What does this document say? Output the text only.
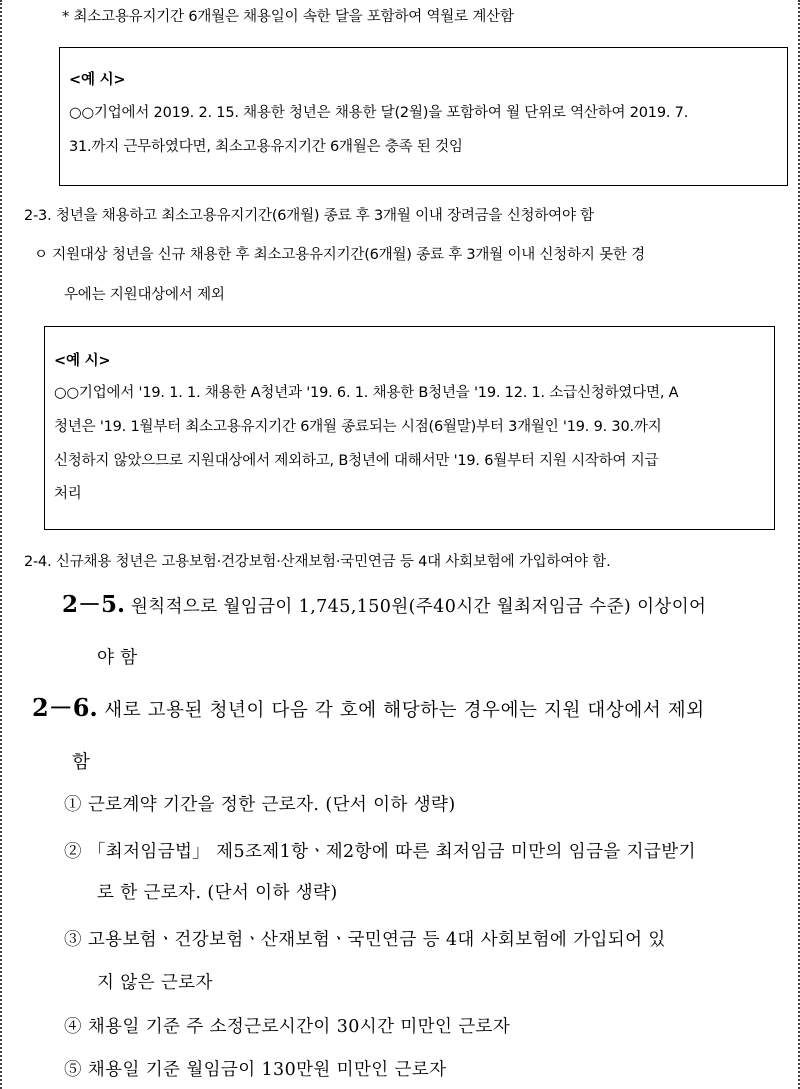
* 최소고용유지기간 6개월은 채용일이 속한 달을 포함하여 역월로 계산함
<예 시>
○○기업에서 2019. 2. 15. 채용한 청년은 채용한 달(2월)을 포함하여 월 단위로 역산하여 2019. 7.
31.까지 근무하였다면, 최소고용유지기간 6개월은 충족 된 것임
2-3. 청년을 채용하고 최소고용유지기간(6개월) 종료 후 3개월 이내 장려금을 신청하여야 함
ㅇ 지원대상 청년을 신규 채용한 후 최소고용유지기간(6개월) 종료 후 3개월 이내 신청하지 못한 경
우에는 지원대상에서 제외
<예 시>
○○기업에서 '19. 1. 1. 채용한 A청년과 '19. 6. 1. 채용한 B청년을 '19. 12. 1. 소급신청하였다면, A
청년은 '19. 1월부터 최소고용유지기간 6개월 종료되는 시점(6월말)부터 3개월인 '19. 9. 30.까지
신청하지 않았으므로 지원대상에서 제외하고, B청년에 대해서만 '19. 6월부터 지원 시작하여 지급
처리
2-4. 신규채용 청년은 고용보험·건강보험·산재보험·국민연금 등 4대 사회보험에 가입하여야 함.
2－5. 원칙적으로 월임금이 1,745,150원(주40시간 월최저임금 수준) 이상이어
야 함
2－6. 새로 고용된 청년이 다음 각 호에 해당하는 경우에는 지원 대상에서 제외
함
① 근로계약 기간을 정한 근로자. (단서 이하 생략)
② 「최저임금법」 제5조제1항ㆍ제2항에 따른 최저임금 미만의 임금을 지급받기
로 한 근로자. (단서 이하 생략)
③ 고용보험ㆍ건강보험ㆍ산재보험ㆍ국민연금 등 4대 사회보험에 가입되어 있
지 않은 근로자
④ 채용일 기준 주 소정근로시간이 30시간 미만인 근로자
⑤ 채용일 기준 월임금이 130만원 미만인 근로자
